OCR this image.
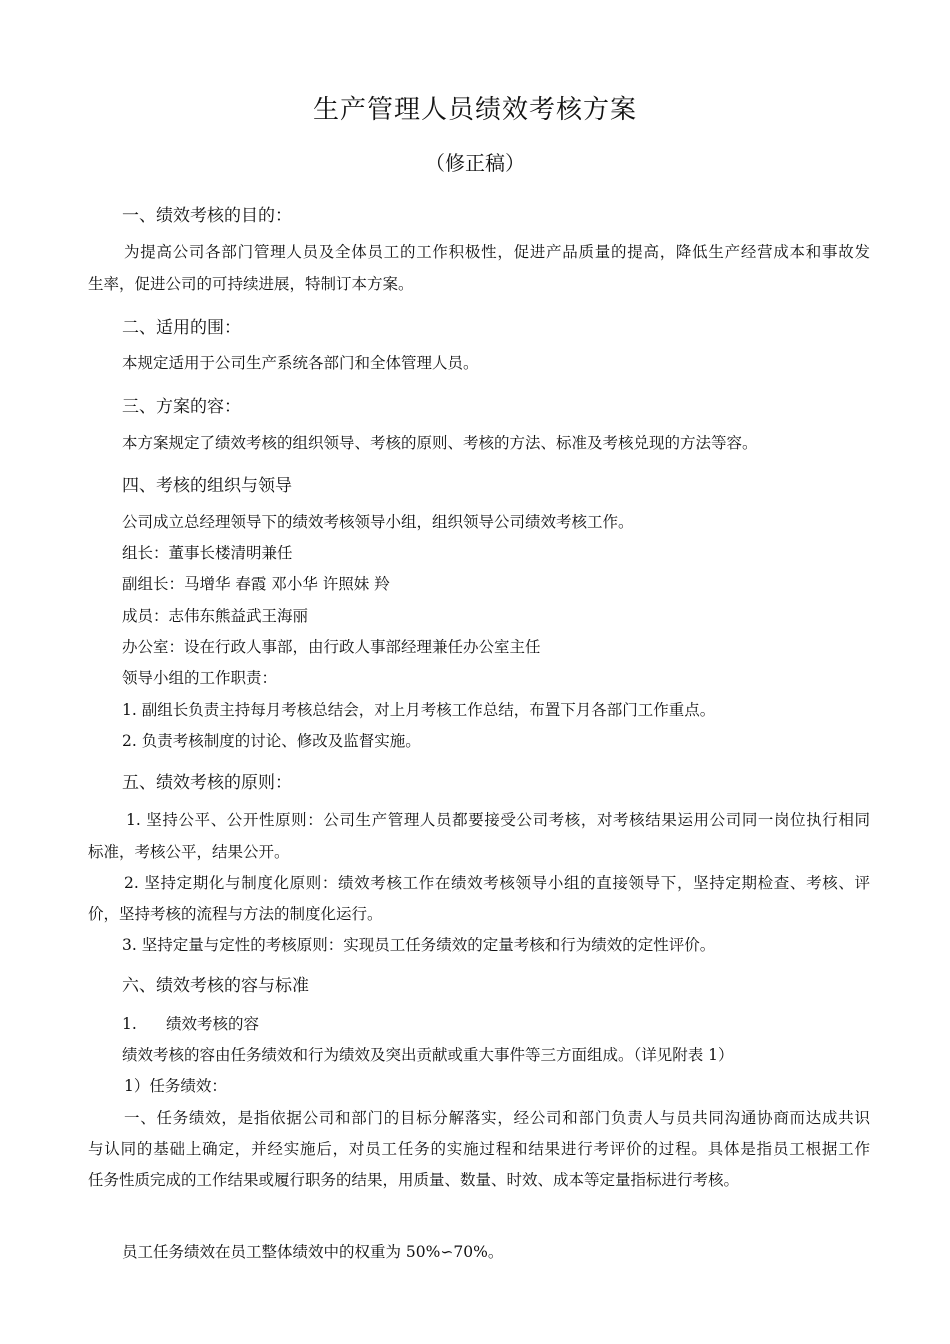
生产管理人员绩效考核方案
（修正稿）
一、绩效考核的目的：
为提高公司各部门管理人员及全体员工的工作积极性，促进产品质量的提高，降低生产经营成本和事故发
生率，促进公司的可持续进展，特制订本方案。
二、适用的围：
本规定适用于公司生产系统各部门和全体管理人员。
三、方案的容：
本方案规定了绩效考核的组织领导、考核的原则、考核的方法、标准及考核兑现的方法等容。
四、考核的组织与领导
公司成立总经理领导下的绩效考核领导小组，组织领导公司绩效考核工作。
组长：董事长楼清明兼任
副组长：马增华 春霞 邓小华 许照妹 羚
成员：志伟东熊益武王海丽
办公室：设在行政人事部，由行政人事部经理兼任办公室主任
领导小组的工作职责：
1. 副组长负责主持每月考核总结会，对上月考核工作总结，布置下月各部门工作重点。
2. 负责考核制度的讨论、修改及监督实施。
五、绩效考核的原则：
1. 坚持公平、公开性原则：公司生产管理人员都要接受公司考核，对考核结果运用公司同一岗位执行相同
标准，考核公平，结果公开。
2. 坚持定期化与制度化原则：绩效考核工作在绩效考核领导小组的直接领导下，坚持定期检查、考核、评
价，坚持考核的流程与方法的制度化运行。
3. 坚持定量与定性的考核原则：实现员工任务绩效的定量考核和行为绩效的定性评价。
六、绩效考核的容与标准
1. 绩效考核的容
绩效考核的容由任务绩效和行为绩效及突出贡献或重大事件等三方面组成。（详见附表 1）
1）任务绩效：
一、任务绩效，是指依据公司和部门的目标分解落实，经公司和部门负责人与员共同沟通协商而达成共识
与认同的基础上确定，并经实施后，对员工任务的实施过程和结果进行考评价的过程。具体是指员工根据工作
任务性质完成的工作结果或履行职务的结果，用质量、数量、时效、成本等定量指标进行考核。
员工任务绩效在员工整体绩效中的权重为 50%∽70%。
